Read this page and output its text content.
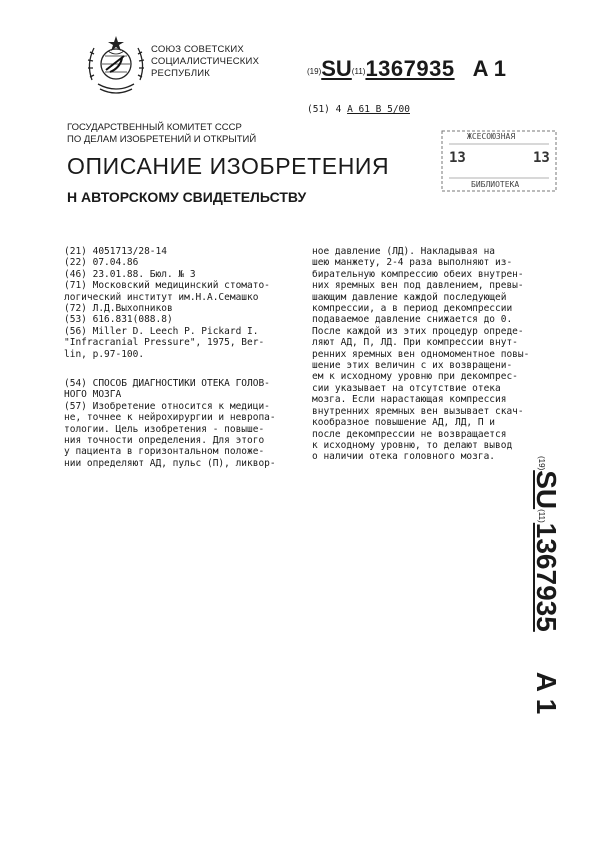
СОЮЗ СОВЕТСКИХ
СОЦИАЛИСТИЧЕСКИХ
РЕСПУБЛИК	(19)SU(11)1367935 A 1
(51) 4 A 61 B 5/00
ГОСУДАРСТВЕННЫЙ КОМИТЕТ СССР
ПО ДЕЛАМ ИЗОБРЕТЕНИЙ И ОТКРЫТИЙ
ОПИСАНИЕ ИЗОБРЕТЕНИЯ
Н АВТОРСКОМУ СВИДЕТЕЛЬСТВУ
ЖСЕСОЮЗНАЯ
13	13
БИБЛИОТЕКА
(21) 4051713/28-14
(22) 07.04.86
(46) 23.01.88. Бюл. № 3
(71) Московский медицинский стомато-
логический институт им.Н.А.Семашко
(72) Л.Д.Выхопников
(53) 616.831(088.8)
(56) Miller D. Leech P. Pickard I.
"Infracranial Pressure", 1975, Ber-
lin, p.97-100.
(54) СПОСОБ ДИАГНОСТИКИ ОТЕКА ГОЛОВ-
НОГО МОЗГА
(57) Изобретение относится к медици-
не, точнее к нейрохирургии и невропа-
тологии. Цель изобретения - повыше-
ния точности определения. Для этого
у пациента в горизонтальном положе-
нии определяют АД, пульс (П), ликвор-
ное давление (ЛД). Накладывая на
шею манжету, 2-4 раза выполняют из-
бирательную компрессию обеих внутрен-
них яремных вен под давлением, превы-
шающим давление каждой последующей
компрессии, а в период декомпрессии
подаваемое давление снижается до 0.
После каждой из этих процедур опреде-
ляют АД, П, ЛД. При компрессии внут-
ренних яремных вен одномоментное повы-
шение этих величин с их возвращени-
ем к исходному уровню при декомпрес-
сии указывает на отсутствие отека
мозга. Если нарастающая компрессия
внутренних яремных вен вызывает скач-
кообразное повышение АД, ЛД, П и
после декомпрессии не возвращается
к исходному уровню, то делают вывод
о наличии отека головного мозга.	(19)SU(11)1367935A 1
